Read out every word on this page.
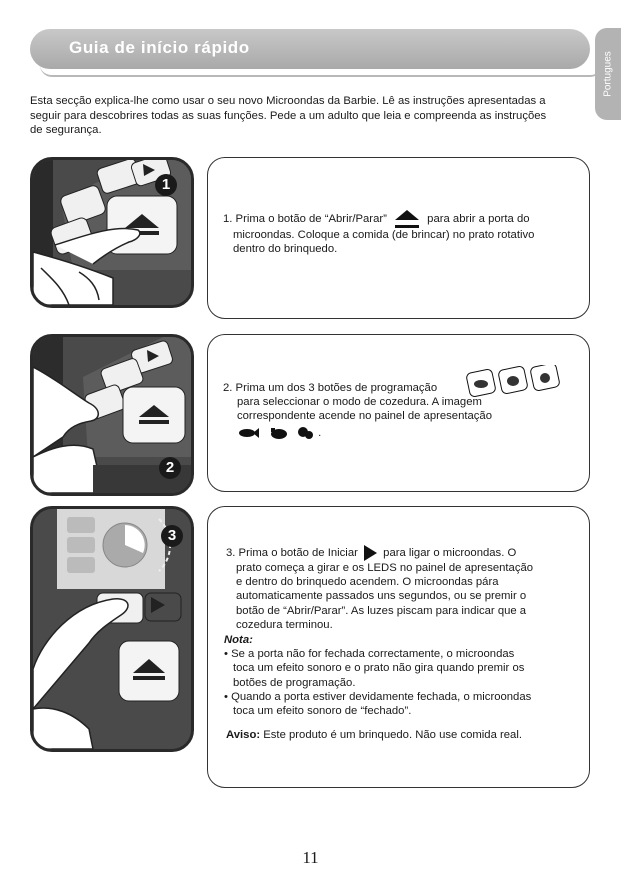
Guia de início rápido
Portugues
Esta secção explica-lhe como usar o seu novo Microondas da Barbie. Lê as instruções apresentadas a seguir para descobrires todas as suas funções. Pede a um adulto que leia e compreenda as instruções de segurança.
1
1. Prima o botão de “Abrir/Parar”	para abrir a porta do
microondas. Coloque a comida (de brincar) no prato rotativo
dentro do brinquedo.
2
2. Prima um dos 3 botões de programação
para seleccionar o modo de cozedura. A imagem
correspondente acende no painel de apresentação
.
3
3. Prima o botão de Iniciar para ligar o microondas. O
prato começa a girar e os LEDS no painel de apresentação
e dentro do brinquedo acendem. O microondas pára
automaticamente passados uns segundos, ou se premir o
botão de “Abrir/Parar”. As luzes piscam para indicar que a
cozedura terminou.
Nota:
• Se a porta não for fechada correctamente, o microondas
toca um efeito sonoro e o prato não gira quando premir os
botões de programação.
• Quando a porta estiver devidamente fechada, o microondas
toca um efeito sonoro de “fechado”.
Aviso: Este produto é um brinquedo. Não use comida real.
11
